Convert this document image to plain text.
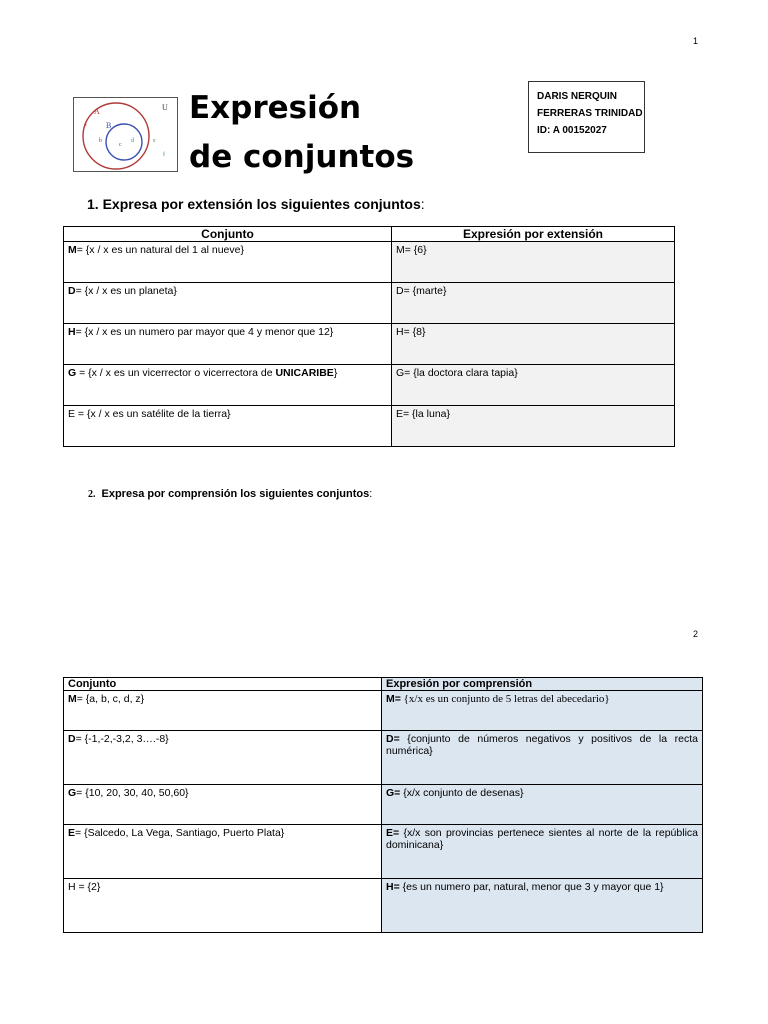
1
2
U
A
B
a
b
c
d	e
f
Expresión
de conjuntos
DARIS NERQUIN
FERRERAS TRINIDAD
ID: A 00152027
1. Expresa por extensión los siguientes conjuntos:
Conjunto	Expresión por extensión
M= {x / x es un natural del 1 al nueve}	M= {6}
D= {x / x es un planeta}	D= {marte}
H= {x / x es un numero par mayor que 4 y menor que 12}	H= {8}
G = {x / x es un vicerrector o vicerrectora de UNICARIBE}	G= {la doctora clara tapia}
E = {x / x es un satélite de la tierra}	E= {la luna}
2. Expresa por comprensión los siguientes conjuntos:
Conjunto	Expresión por comprensión
M= {a, b, c, d, z}	M= {x/x es un conjunto de 5 letras del abecedario}
D= {-1,-2,-3,2, 3….-8}	D= {conjunto de números negativos y positivos de la recta numérica}
G= {10, 20, 30, 40, 50,60}	G= {x/x conjunto de desenas}
E= {Salcedo, La Vega, Santiago, Puerto Plata}	E= {x/x son provincias pertenece sientes al norte de la república dominicana}
H = {2}	H= {es un numero par, natural, menor que 3 y mayor que 1}
